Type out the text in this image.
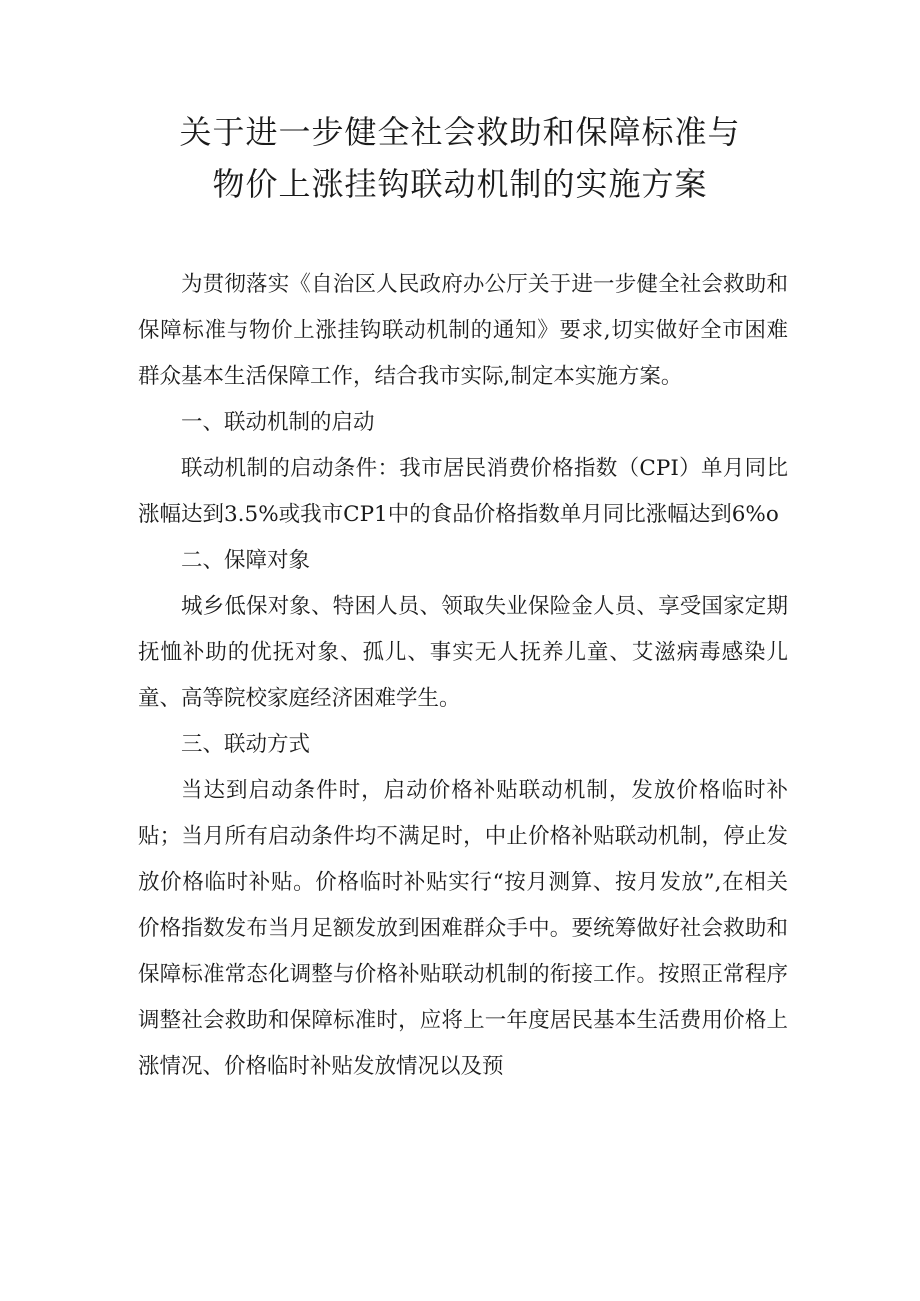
关于进一步健全社会救助和保障标准与
物价上涨挂钩联动机制的实施方案

为贯彻落实《自治区人民政府办公厅关于进一步健全社会救助和保障标准与物价上涨挂钩联动机制的通知》要求,切实做好全市困难群众基本生活保障工作，结合我市实际,制定本实施方案。

一、联动机制的启动

联动机制的启动条件：我市居民消费价格指数（CPI）单月同比涨幅达到3.5%或我市CP1中的食品价格指数单月同比涨幅达到6%o

二、保障对象

城乡低保对象、特困人员、领取失业保险金人员、享受国家定期抚恤补助的优抚对象、孤儿、事实无人抚养儿童、艾滋病毒感染儿童、高等院校家庭经济困难学生。

三、联动方式

当达到启动条件时，启动价格补贴联动机制，发放价格临时补贴；当月所有启动条件均不满足时，中止价格补贴联动机制，停止发放价格临时补贴。价格临时补贴实行“按月测算、按月发放”,在相关价格指数发布当月足额发放到困难群众手中。要统筹做好社会救助和保障标准常态化调整与价格补贴联动机制的衔接工作。按照正常程序调整社会救助和保障标准时，应将上一年度居民基本生活费用价格上涨情况、价格临时补贴发放情况以及预
